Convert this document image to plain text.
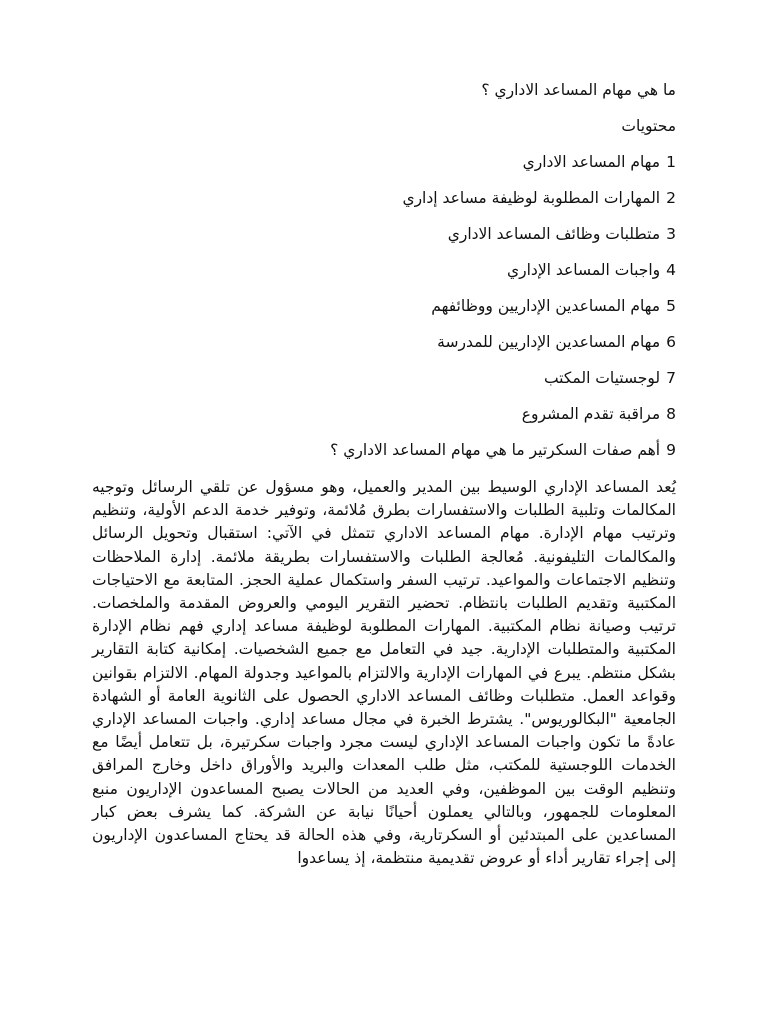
ما هي مهام المساعد الاداري ؟
محتويات
1مهام المساعد الاداري
2المهارات المطلوبة لوظيفة مساعد إداري
3متطلبات وظائف المساعد الاداري
4واجبات المساعد الإداري
5مهام المساعدين الإداريين ووظائفهم
6مهام المساعدين الإداريين للمدرسة
7لوجستيات المكتب
8مراقبة تقدم المشروع
9أهم صفات السكرتير ما هي مهام المساعد الاداري ؟

يُعد المساعد الإداري الوسيط بين المدير والعميل، وهو مسؤول عن تلقي الرسائل وتوجيه المكالمات وتلبية الطلبات والاستفسارات بطرق مُلائمة، وتوفير خدمة الدعم الأولية، وتنظيم وترتيب مهام الإدارة. مهام المساعد الاداري تتمثل في الآتي: استقبال وتحويل الرسائل والمكالمات التليفونية. مُعالجة الطلبات والاستفسارات بطريقة ملائمة. إدارة الملاحظات وتنظيم الاجتماعات والمواعيد. ترتيب السفر واستكمال عملية الحجز. المتابعة مع الاحتياجات المكتبية وتقديم الطلبات بانتظام. تحضير التقرير اليومي والعروض المقدمة والملخصات. ترتيب وصيانة نظام المكتبية. المهارات المطلوبة لوظيفة مساعد إداري فهم نظام الإدارة المكتبية والمتطلبات الإدارية. جيد في التعامل مع جميع الشخصيات. إمكانية كتابة التقارير بشكل منتظم. يبرع في المهارات الإدارية والالتزام بالمواعيد وجدولة المهام. الالتزام بقوانين وقواعد العمل. متطلبات وظائف المساعد الاداري الحصول على الثانوية العامة أو الشهادة الجامعية "البكالوريوس". يشترط الخبرة في مجال مساعد إداري. واجبات المساعد الإداري عادةً ما تكون واجبات المساعد الإداري ليست مجرد واجبات سكرتيرة، بل تتعامل أيضًا مع الخدمات اللوجستية للمكتب، مثل طلب المعدات والبريد والأوراق داخل وخارج المرافق وتنظيم الوقت بين الموظفين، وفي العديد من الحالات يصبح المساعدون الإداريون منبع المعلومات للجمهور، وبالتالي يعملون أحيانًا نيابة عن الشركة. كما يشرف بعض كبار المساعدين على المبتدئين أو السكرتارية، وفي هذه الحالة قد يحتاج المساعدون الإداريون إلى إجراء تقارير أداء أو عروض تقديمية منتظمة، إذ يساعدوا
